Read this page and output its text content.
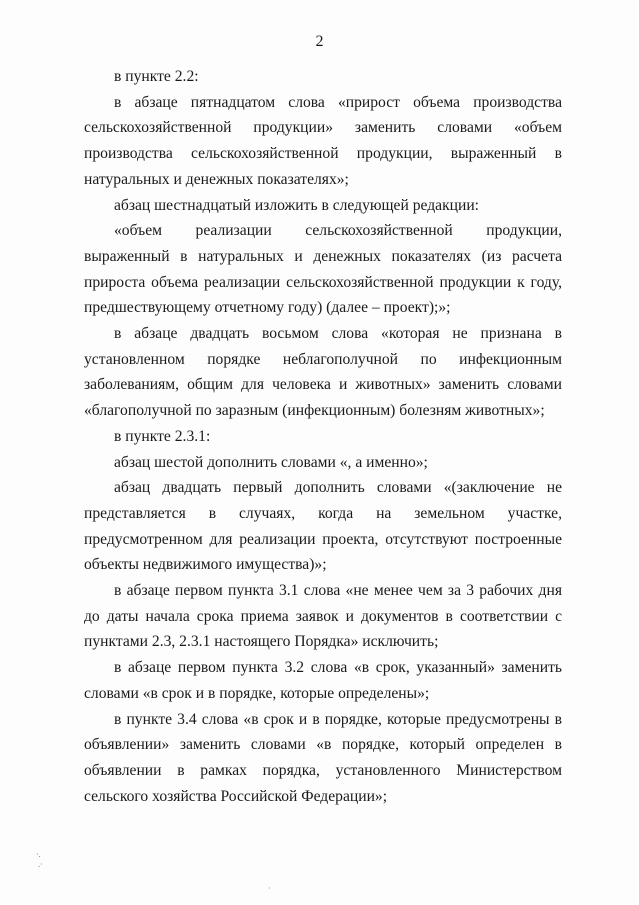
2

в пункте 2.2:

в абзаце пятнадцатом слова «прирост объема производства сельскохозяйственной продукции» заменить словами «объем производства сельскохозяйственной продукции, выраженный в натуральных и денежных показателях»;

абзац шестнадцатый изложить в следующей редакции:

«объем реализации сельскохозяйственной продукции, выраженный в натуральных и денежных показателях (из расчета прироста объема реализации сельскохозяйственной продукции к году, предшествующему отчетному году) (далее – проект);»;

в абзаце двадцать восьмом слова «которая не признана в установленном порядке неблагополучной по инфекционным заболеваниям, общим для человека и животных» заменить словами «благополучной по заразным (инфекционным) болезням животных»;

в пункте 2.3.1:

абзац шестой дополнить словами «, а именно»;

абзац двадцать первый дополнить словами «(заключение не представляется в случаях, когда на земельном участке, предусмотренном для реализации проекта, отсутствуют построенные объекты недвижимого имущества)»;

в абзаце первом пункта 3.1 слова «не менее чем за 3 рабочих дня до даты начала срока приема заявок и документов в соответствии с пунктами 2.3, 2.3.1 настоящего Порядка» исключить;

в абзаце первом пункта 3.2 слова «в срок, указанный» заменить словами «в срок и в порядке, которые определены»;

в пункте 3.4 слова «в срок и в порядке, которые предусмотрены в объявлении» заменить словами «в порядке, который определен в объявлении в рамках порядка, установленного Министерством сельского хозяйства Российской Федерации»;

·.
.·
·
